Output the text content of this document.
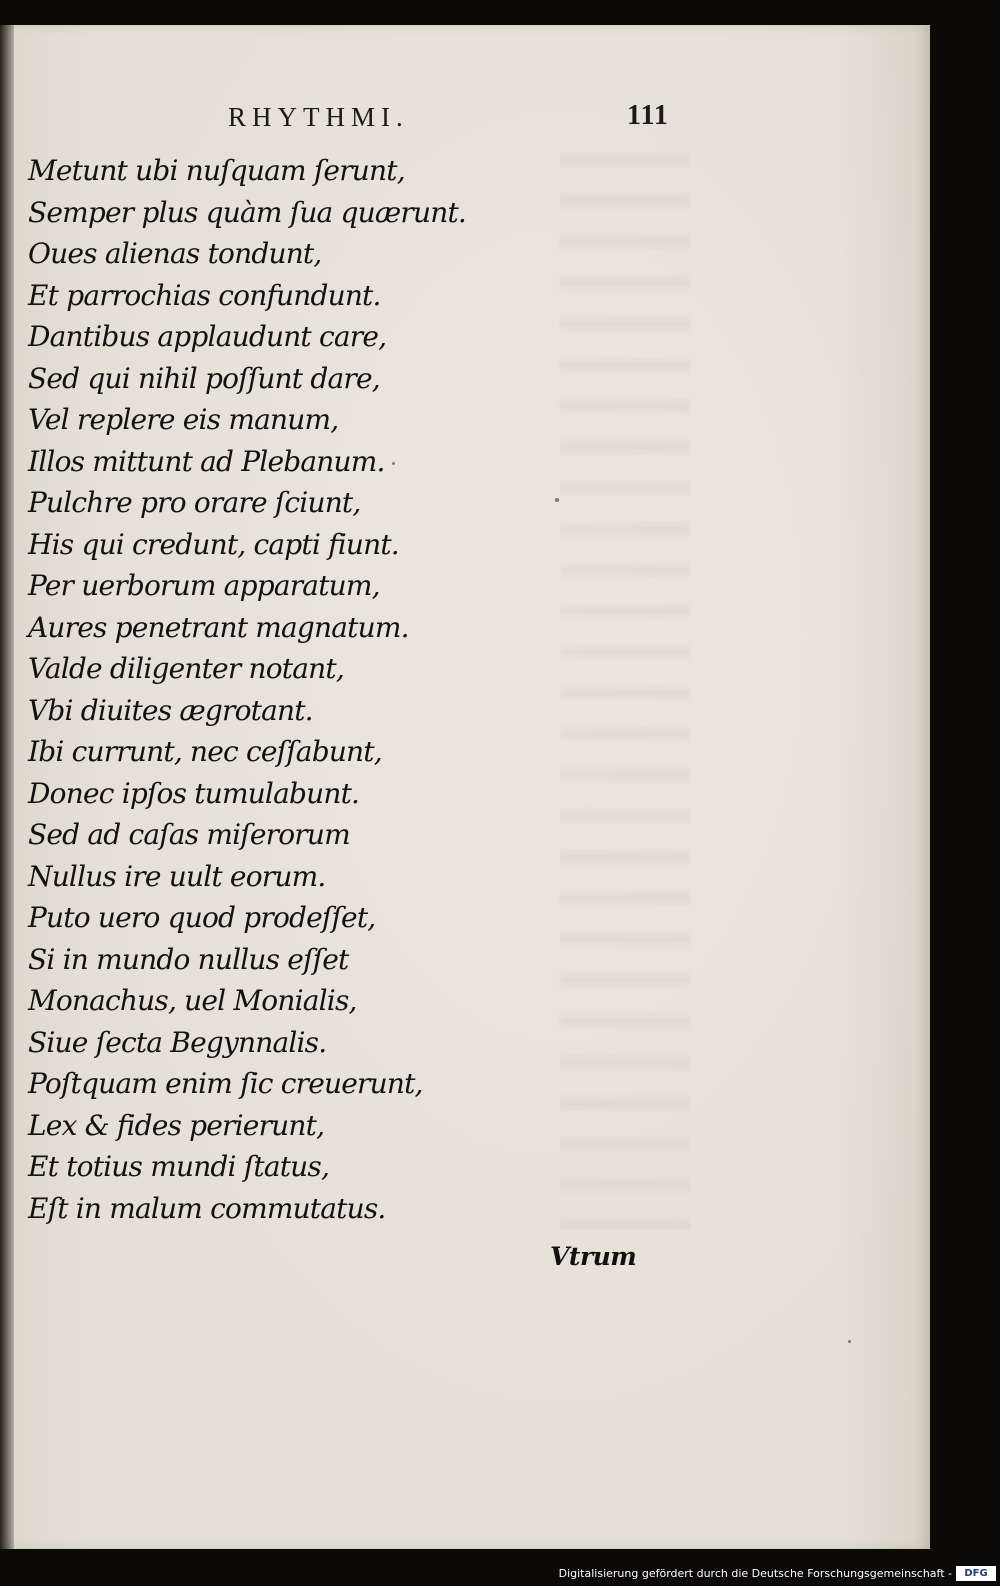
RHYTHMI.	111
Metunt ubi nuſquam ſerunt,
Semper plus quàm ſua quærunt.
Oues alienas tondunt,
Et parrochias confundunt.
Dantibus applaudunt care,
Sed qui nihil poſſunt dare,
Vel replere eis manum,
Illos mittunt ad Plebanum.
Pulchre pro orare ſciunt,
His qui credunt, capti fiunt.
Per uerborum apparatum,
Aures penetrant magnatum.
Valde diligenter notant,
Vbi diuites ægrotant.
Ibi currunt, nec ceſſabunt,
Donec ipſos tumulabunt.
Sed ad caſas miſerorum
Nullus ire uult eorum.
Puto uero quod prodeſſet,
Si in mundo nullus eſſet
Monachus, uel Monialis,
Siue ſecta Begynnalis.
Poſtquam enim ſic creuerunt,
Lex & fides perierunt,
Et totius mundi ſtatus,
Eſt in malum commutatus.
Vtrum
Digitalisierung gefördert durch die Deutsche Forschungsgemeinschaft -	DFG
